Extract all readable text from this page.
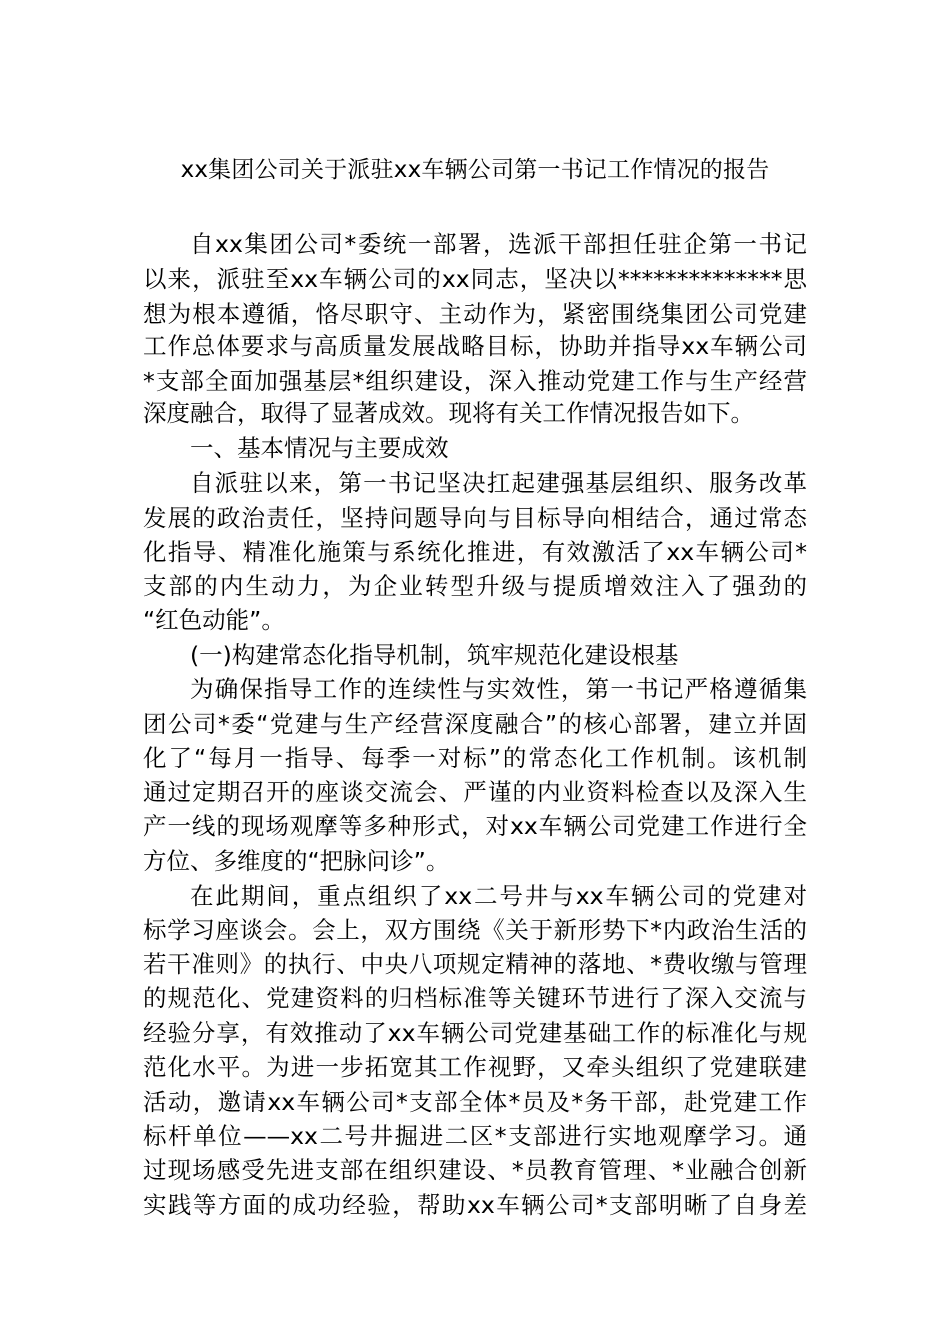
xx集团公司关于派驻xx车辆公司第一书记工作情况的报告
自xx集团公司*委统一部署，选派干部担任驻企第一书记
以来，派驻至xx车辆公司的xx同志，坚决以**************思
想为根本遵循，恪尽职守、主动作为，紧密围绕集团公司党建
工作总体要求与高质量发展战略目标，协助并指导xx车辆公司
*支部全面加强基层*组织建设，深入推动党建工作与生产经营
深度融合，取得了显著成效。现将有关工作情况报告如下。
一、基本情况与主要成效
自派驻以来，第一书记坚决扛起建强基层组织、服务改革
发展的政治责任，坚持问题导向与目标导向相结合，通过常态
化指导、精准化施策与系统化推进，有效激活了xx车辆公司*
支部的内生动力，为企业转型升级与提质增效注入了强劲的
“红色动能”。
(一)构建常态化指导机制，筑牢规范化建设根基
为确保指导工作的连续性与实效性，第一书记严格遵循集
团公司*委“党建与生产经营深度融合”的核心部署，建立并固
化了“每月一指导、每季一对标”的常态化工作机制。该机制
通过定期召开的座谈交流会、严谨的内业资料检查以及深入生
产一线的现场观摩等多种形式，对xx车辆公司党建工作进行全
方位、多维度的“把脉问诊”。
在此期间，重点组织了xx二号井与xx车辆公司的党建对
标学习座谈会。会上，双方围绕《关于新形势下*内政治生活的
若干准则》的执行、中央八项规定精神的落地、*费收缴与管理
的规范化、党建资料的归档标准等关键环节进行了深入交流与
经验分享，有效推动了xx车辆公司党建基础工作的标准化与规
范化水平。为进一步拓宽其工作视野，又牵头组织了党建联建
活动，邀请xx车辆公司*支部全体*员及*务干部，赴党建工作
标杆单位——xx二号井掘进二区*支部进行实地观摩学习。通
过现场感受先进支部在组织建设、*员教育管理、*业融合创新
实践等方面的成功经验，帮助xx车辆公司*支部明晰了自身差
